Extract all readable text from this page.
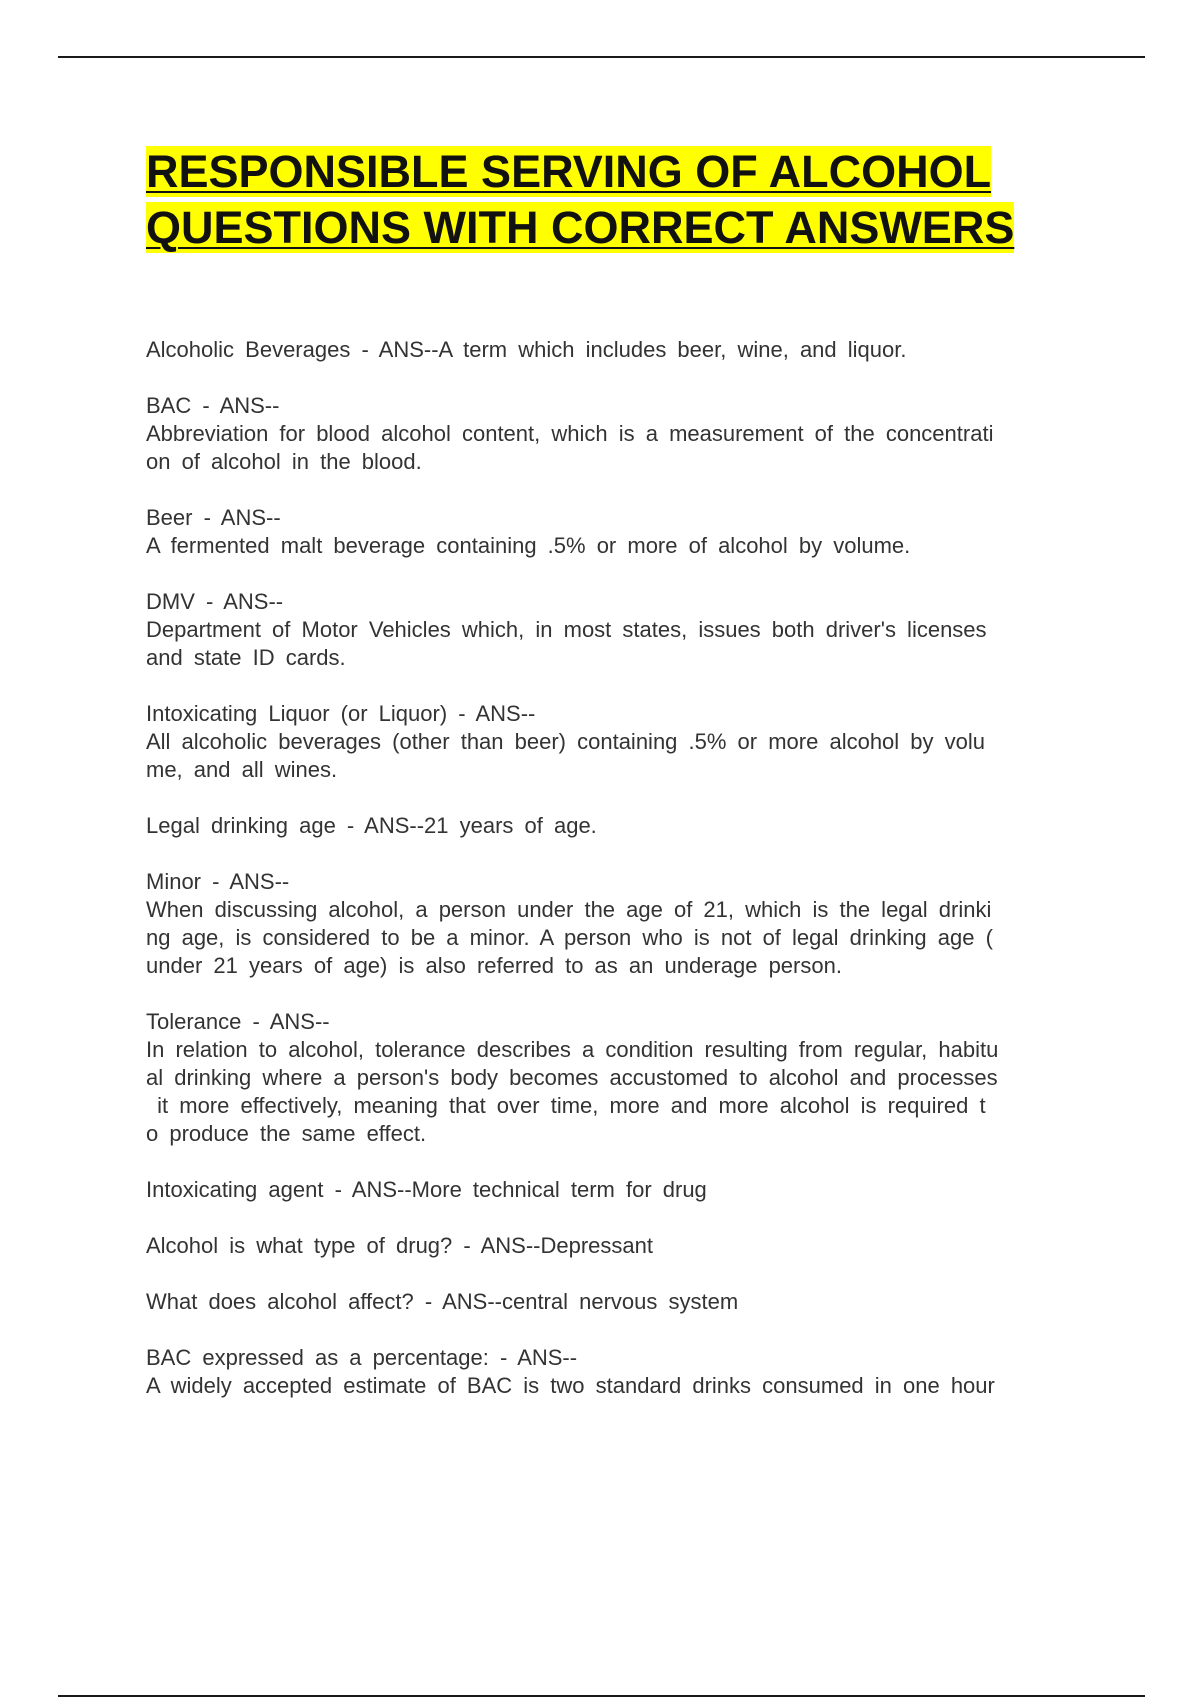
RESPONSIBLE SERVING OF ALCOHOL
QUESTIONS WITH CORRECT ANSWERS
Alcoholic Beverages - ANS--A term which includes beer, wine, and liquor.
BAC - ANS--
Abbreviation for blood alcohol content, which is a measurement of the concentrati
on of alcohol in the blood.
Beer - ANS--
A fermented malt beverage containing .5% or more of alcohol by volume.
DMV - ANS--
Department of Motor Vehicles which, in most states, issues both driver's licenses
and state ID cards.
Intoxicating Liquor (or Liquor) - ANS--
All alcoholic beverages (other than beer) containing .5% or more alcohol by volu
me, and all wines.
Legal drinking age - ANS--21 years of age.
Minor - ANS--
When discussing alcohol, a person under the age of 21, which is the legal drinki
ng age, is considered to be a minor. A person who is not of legal drinking age (
under 21 years of age) is also referred to as an underage person.
Tolerance - ANS--
In relation to alcohol, tolerance describes a condition resulting from regular, habitu
al drinking where a person's body becomes accustomed to alcohol and processes
it more effectively, meaning that over time, more and more alcohol is required t
o produce the same effect.
Intoxicating agent - ANS--More technical term for drug
Alcohol is what type of drug? - ANS--Depressant
What does alcohol affect? - ANS--central nervous system
BAC expressed as a percentage: - ANS--
A widely accepted estimate of BAC is two standard drinks consumed in one hour
